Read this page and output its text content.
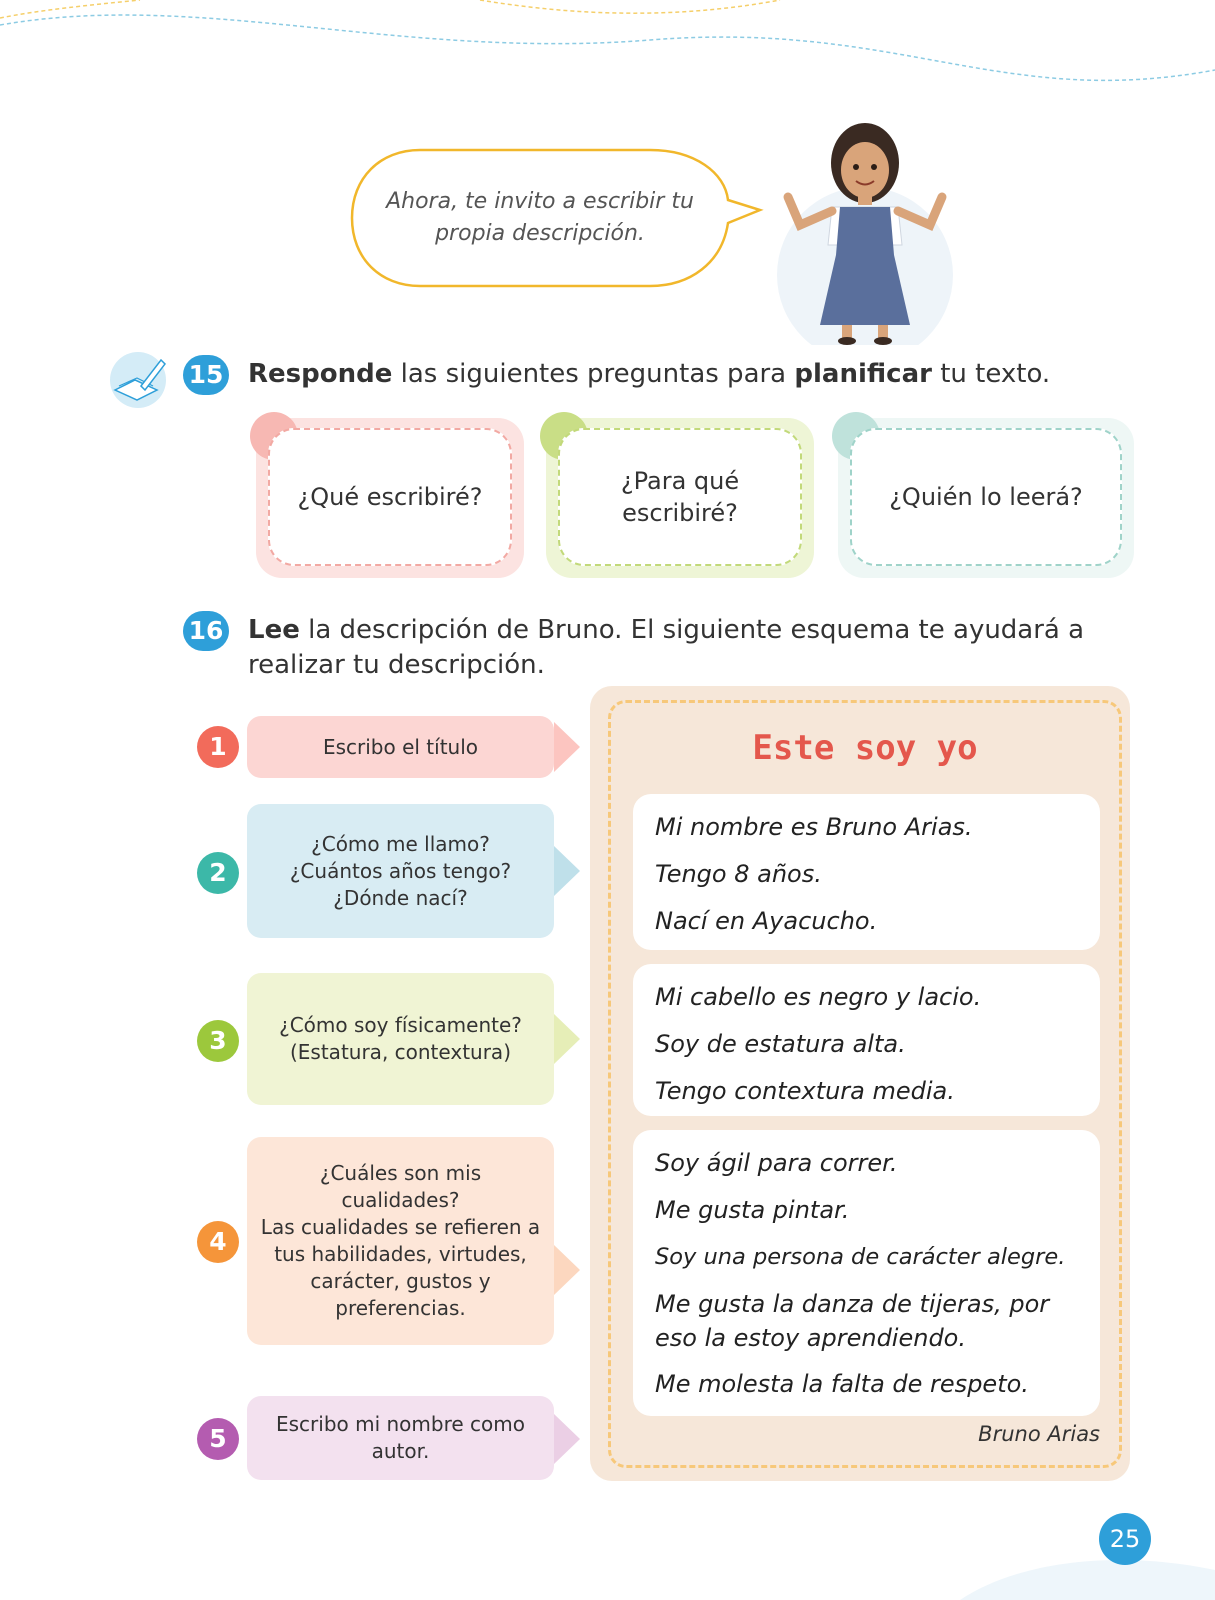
Ahora, te invito a escribir tu
propia descripción.
15 Responde las siguientes preguntas para planificar tu texto.
¿Qué escribiré?
¿Para qué escribiré?
¿Quién lo leerá?
16 Lee la descripción de Bruno. El siguiente esquema te ayudará a realizar tu descripción.
Escribo el título
1
¿Cómo me llamo?
¿Cuántos años tengo?
¿Dónde nací?
2
¿Cómo soy físicamente?
(Estatura, contextura)
3
¿Cuáles son mis cualidades?
Las cualidades se refieren a tus habilidades, virtudes, carácter, gustos y preferencias.
4
Escribo mi nombre como autor.
5
Este soy yo
Mi nombre es Bruno Arias.
Tengo 8 años.
Nací en Ayacucho.
Mi cabello es negro y lacio.
Soy de estatura alta.
Tengo contextura media.
Soy ágil para correr.
Me gusta pintar.
Soy una persona de carácter alegre.
Me gusta la danza de tijeras, por eso la estoy aprendiendo.
Me molesta la falta de respeto.
Bruno Arias
25
